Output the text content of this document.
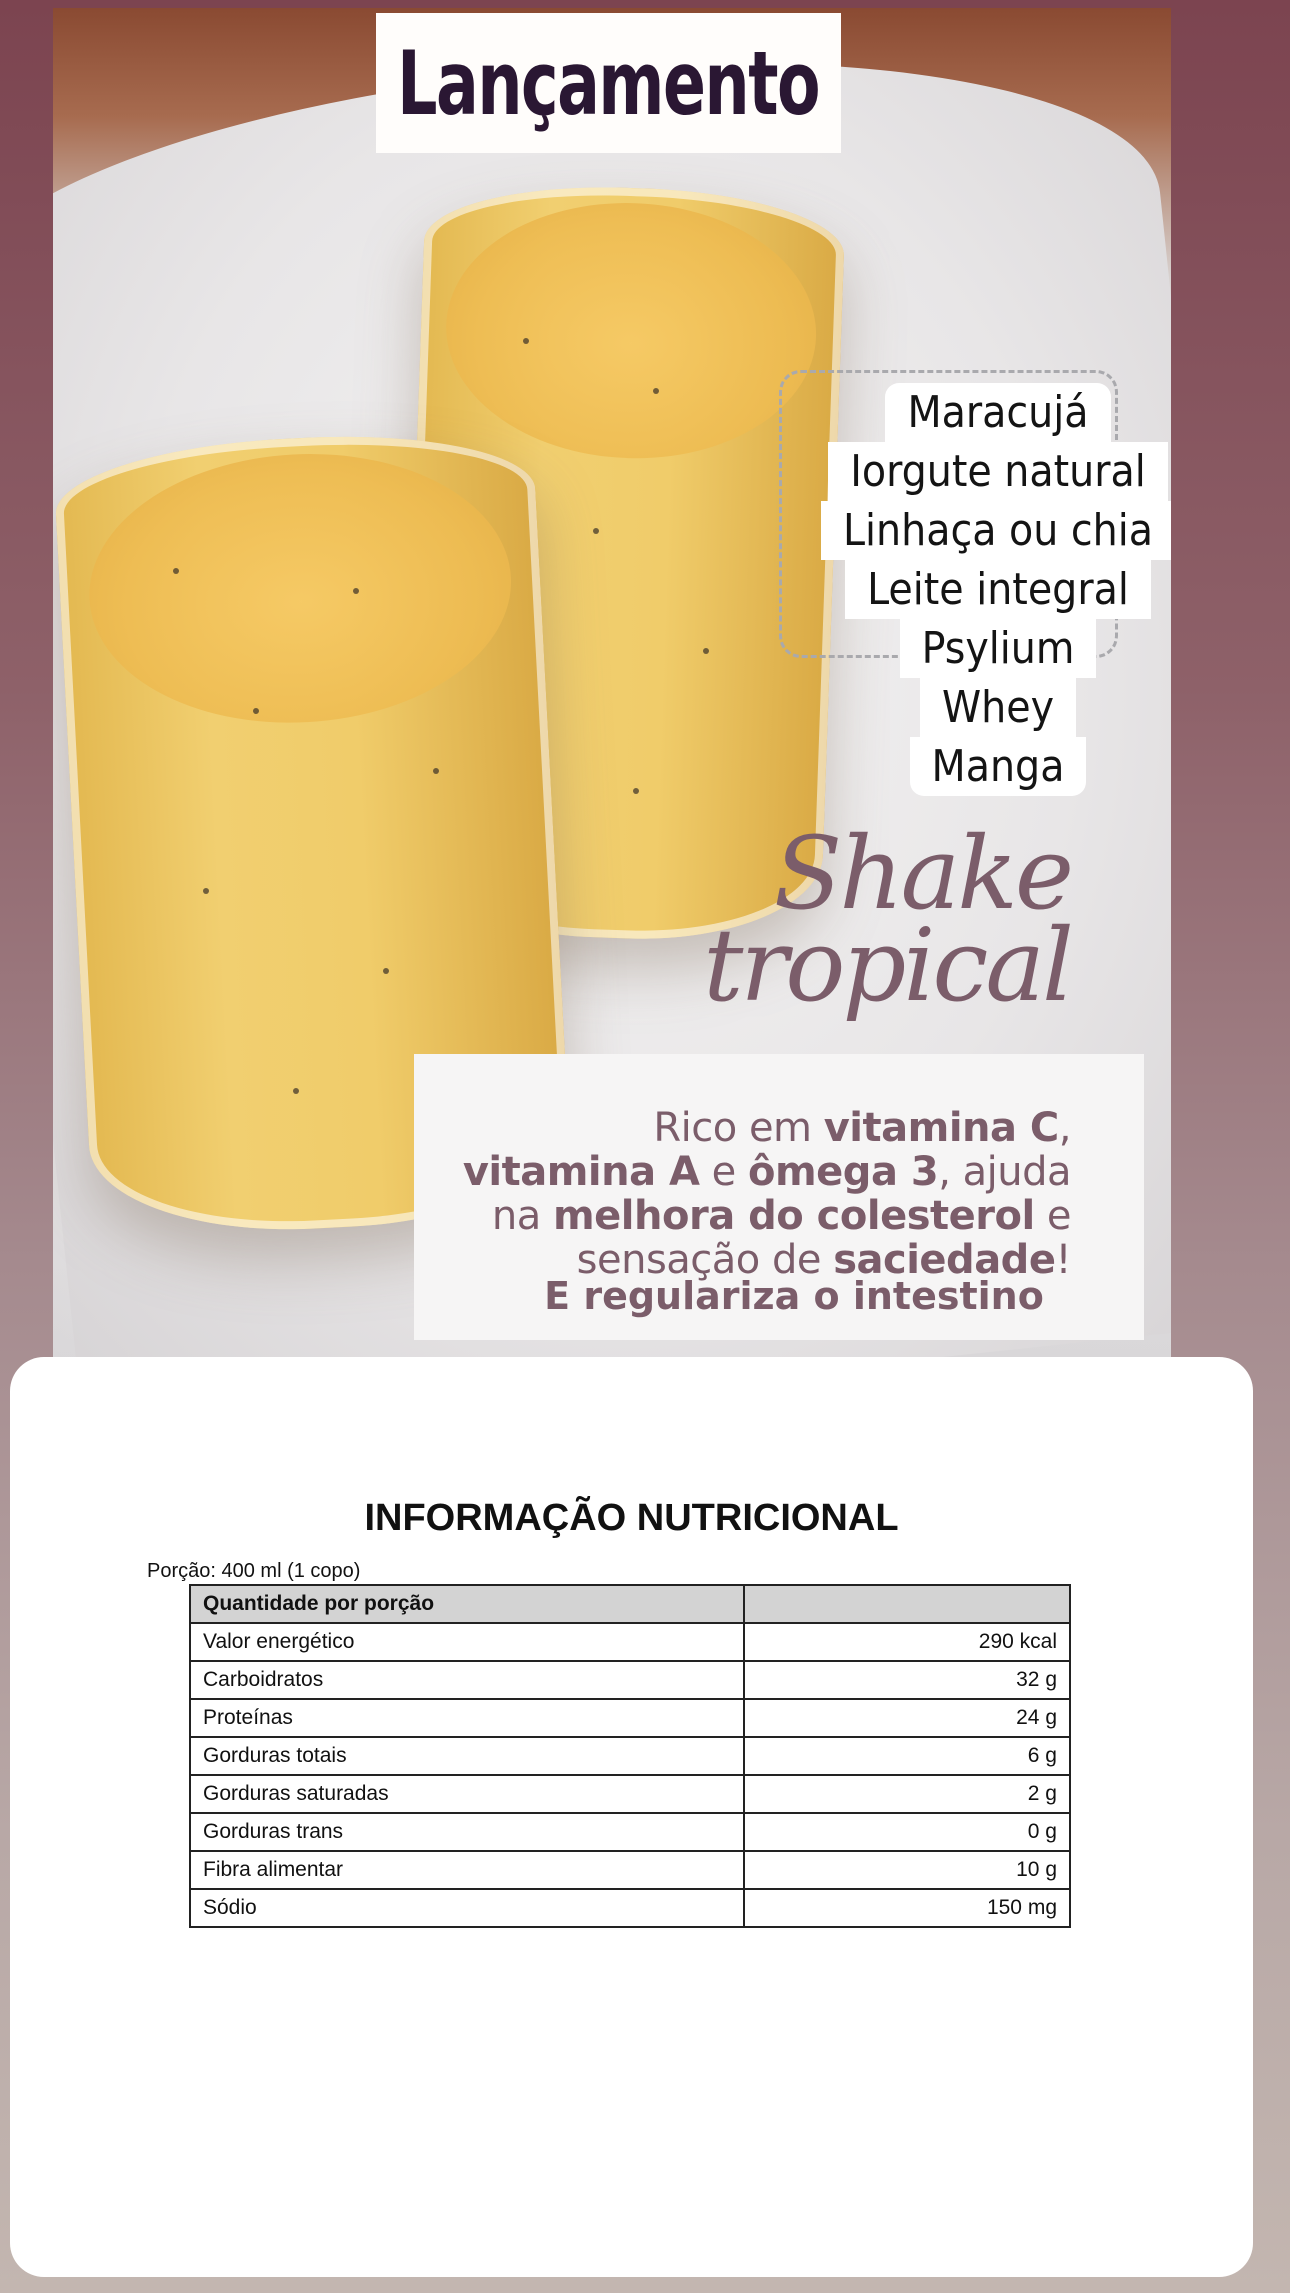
Lançamento
Maracujá
Iorgute natural
Linhaça ou chia
Leite integral
Psylium
Whey
Manga
Shake
tropical
Rico em vitamina C,
vitamina A e ômega 3, ajuda
na melhora do colesterol e
sensação de saciedade!
E regulariza o intestino
INFORMAÇÃO NUTRICIONAL
Porção: 400 ml (1 copo)
Quantidade por porção	
Valor energético	290 kcal
Carboidratos	32 g
Proteínas	24 g
Gorduras totais	6 g
Gorduras saturadas	2 g
Gorduras trans	0 g
Fibra alimentar	10 g
Sódio	150 mg
